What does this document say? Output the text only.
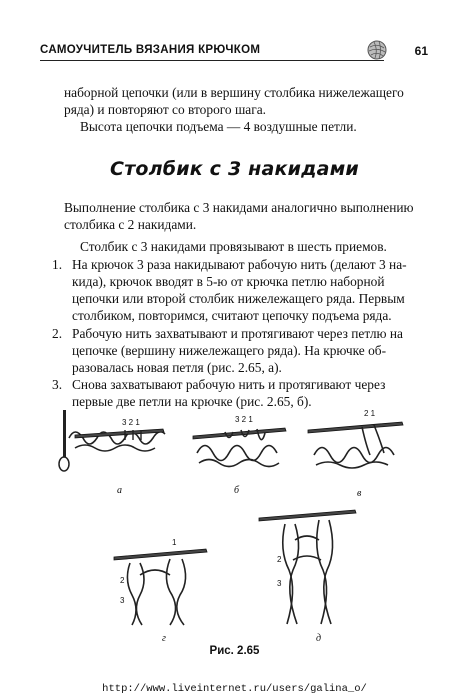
САМОУЧИТЕЛЬ ВЯЗАНИЯ КРЮЧКОМ	61

наборной цепочки (или в вершину столбика нижележащего

ряда) и повторяют со второго шага.

Высота цепочки подъема — 4 воздушные петли.

Столбик с 3 накидами

Выполнение столбика с 3 накидами аналогично выполнению

столбика с 2 накидами.

Столбик с 3 накидами провязывают в шесть приемов.

1. На крючок 3 раза накидывают рабочую нить (делают 3 на-
кида), крючок вводят в 5-ю от крючка петлю наборной
цепочки или второй столбик нижележащего ряда. Первым
столбиком, повторимся, считают цепочку подъема ряда.
2. Рабочую нить захватывают и протягивают через петлю на
цепочке (вершину нижележащего ряда). На крючке об-
разовалась новая петля (рис. 2.65, а).
3. Снова захватывают рабочую нить и протягивают через
первые две петли на крючке (рис. 2.65, б).
3 2 1
а
3 2 1
б
2 1
в
1
2
3
г
2
3
д
Рис. 2.65
http://www.liveinternet.ru/users/galina_o/
